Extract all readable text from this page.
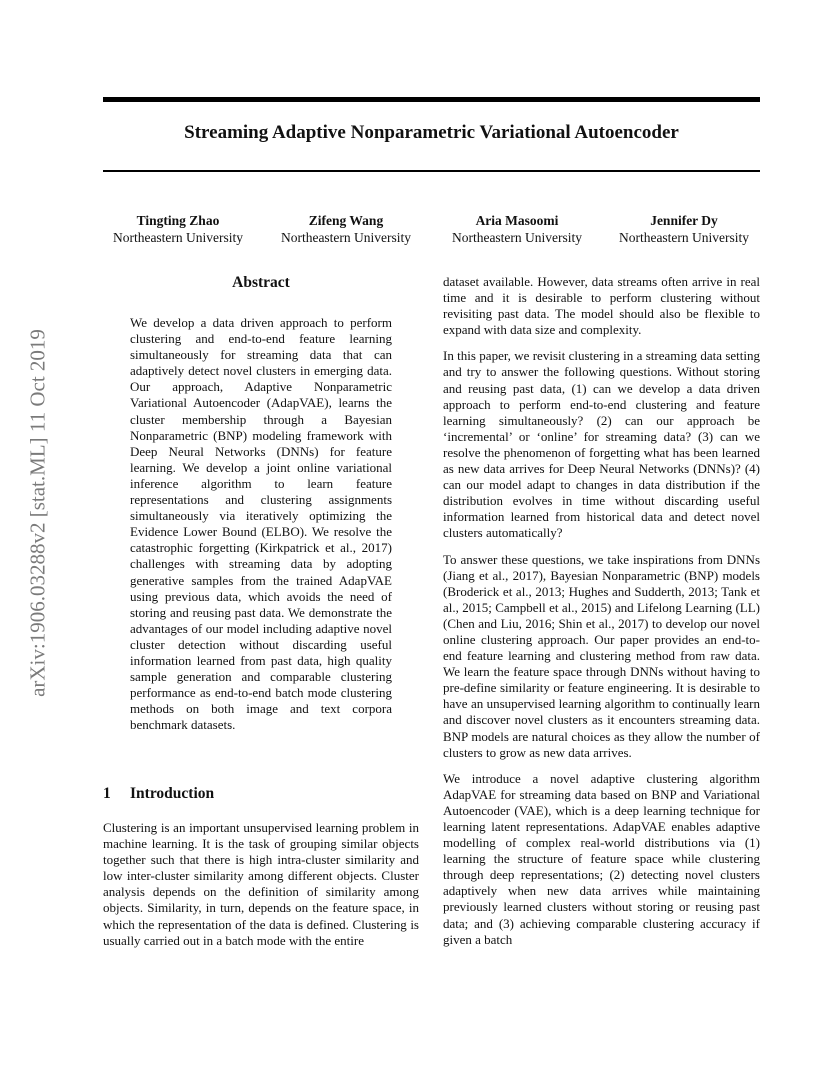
Streaming Adaptive Nonparametric Variational Autoencoder
arXiv:1906.03288v2 [stat.ML] 11 Oct 2019
Tingting Zhao
Northeastern University
Zifeng Wang
Northeastern University
Aria Masoomi
Northeastern University
Jennifer Dy
Northeastern University
Abstract
We develop a data driven approach to perform clustering and end-to-end feature learning simultaneously for streaming data that can adaptively detect novel clusters in emerging data. Our approach, Adaptive Nonparametric Variational Autoencoder (AdapVAE), learns the cluster membership through a Bayesian Nonparametric (BNP) modeling framework with Deep Neural Networks (DNNs) for feature learning. We develop a joint online variational inference algorithm to learn feature representations and clustering assignments simultaneously via iteratively optimizing the Evidence Lower Bound (ELBO). We resolve the catastrophic forgetting (Kirkpatrick et al., 2017) challenges with streaming data by adopting generative samples from the trained AdapVAE using previous data, which avoids the need of storing and reusing past data. We demonstrate the advantages of our model including adaptive novel cluster detection without discarding useful information learned from past data, high quality sample generation and comparable clustering performance as end-to-end batch mode clustering methods on both image and text corpora benchmark datasets.
1 Introduction

Clustering is an important unsupervised learning problem in machine learning. It is the task of grouping similar objects together such that there is high intra-cluster similarity and low inter-cluster similarity among different objects. Cluster analysis depends on the definition of similarity among objects. Similarity, in turn, depends on the feature space, in which the representation of the data is defined. Clustering is usually carried out in a batch mode with the entire

dataset available. However, data streams often arrive in real time and it is desirable to perform clustering without revisiting past data. The model should also be flexible to expand with data size and complexity.

In this paper, we revisit clustering in a streaming data setting and try to answer the following questions. Without storing and reusing past data, (1) can we develop a data driven approach to perform end-to-end clustering and feature learning simultaneously? (2) can our approach be ‘incremental’ or ‘online’ for streaming data? (3) can we resolve the phenomenon of forgetting what has been learned as new data arrives for Deep Neural Networks (DNNs)? (4) can our model adapt to changes in data distribution if the distribution evolves in time without discarding useful information learned from historical data and detect novel clusters automatically?

To answer these questions, we take inspirations from DNNs (Jiang et al., 2017), Bayesian Nonparametric (BNP) models (Broderick et al., 2013; Hughes and Sudderth, 2013; Tank et al., 2015; Campbell et al., 2015) and Lifelong Learning (LL) (Chen and Liu, 2016; Shin et al., 2017) to develop our novel online clustering approach. Our paper provides an end-to-end feature learning and clustering method from raw data. We learn the feature space through DNNs without having to pre-define similarity or feature engineering. It is desirable to have an unsupervised learning algorithm to continually learn and discover novel clusters as it encounters streaming data. BNP models are natural choices as they allow the number of clusters to grow as new data arrives.

We introduce a novel adaptive clustering algorithm AdapVAE for streaming data based on BNP and Variational Autoencoder (VAE), which is a deep learning technique for learning latent representations. AdapVAE enables adaptive modelling of complex real-world distributions via (1) learning the structure of feature space while clustering through deep representations; (2) detecting novel clusters adaptively when new data arrives while maintaining previously learned clusters without storing or reusing past data; and (3) achieving comparable clustering accuracy if given a batch
